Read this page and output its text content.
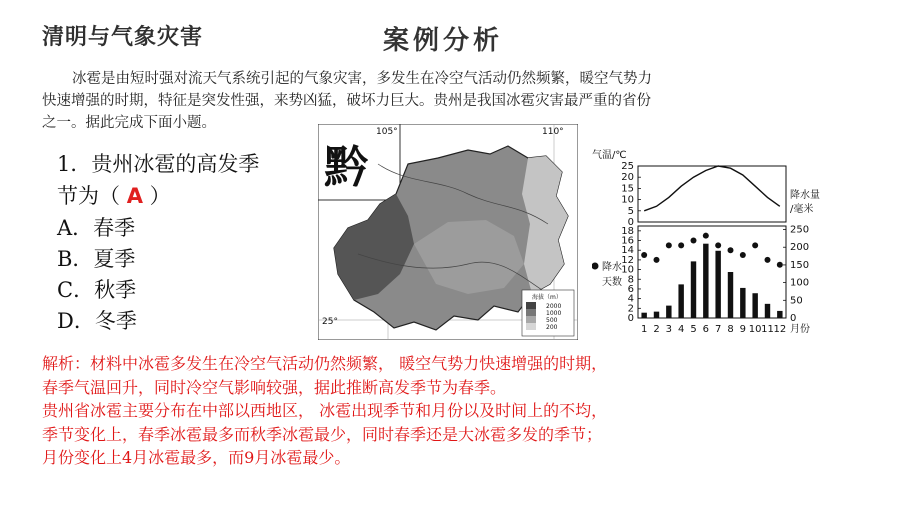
清明与气象灾害	案例分析
冰雹是由短时强对流天气系统引起的气象灾害，多发生在冷空气活动仍然频繁，暖空气势力
快速增强的时期，特征是突发性强，来势凶猛，破坏力巨大。贵州是我国冰雹灾害最严重的省份
之一。据此完成下面小题。
1．贵州冰雹的高发季
节为（ A ）
A．春季
B．夏季
C．秋季
D．冬季
黔
105°	110°
25°
海拔（m）
2000
1000
500
200
气温/℃
25
20
15
10
5
0
降水量
/毫米
18
16
14
12
10
8
6
4
2
0
250
200
150
100
50
0
1 2 3 4 5 6 7 8 9 10 11 12
降水
天数
月份
解析：材料中冰雹多发生在冷空气活动仍然频繁， 暖空气势力快速增强的时期，
春季气温回升，同时冷空气影响较强，据此推断高发季节为春季。
贵州省冰雹主要分布在中部以西地区， 冰雹出现季节和月份以及时间上的不均，
季节变化上，春季冰雹最多而秋季冰雹最少，同时春季还是大冰雹多发的季节；
月份变化上4月冰雹最多，而9月冰雹最少。
